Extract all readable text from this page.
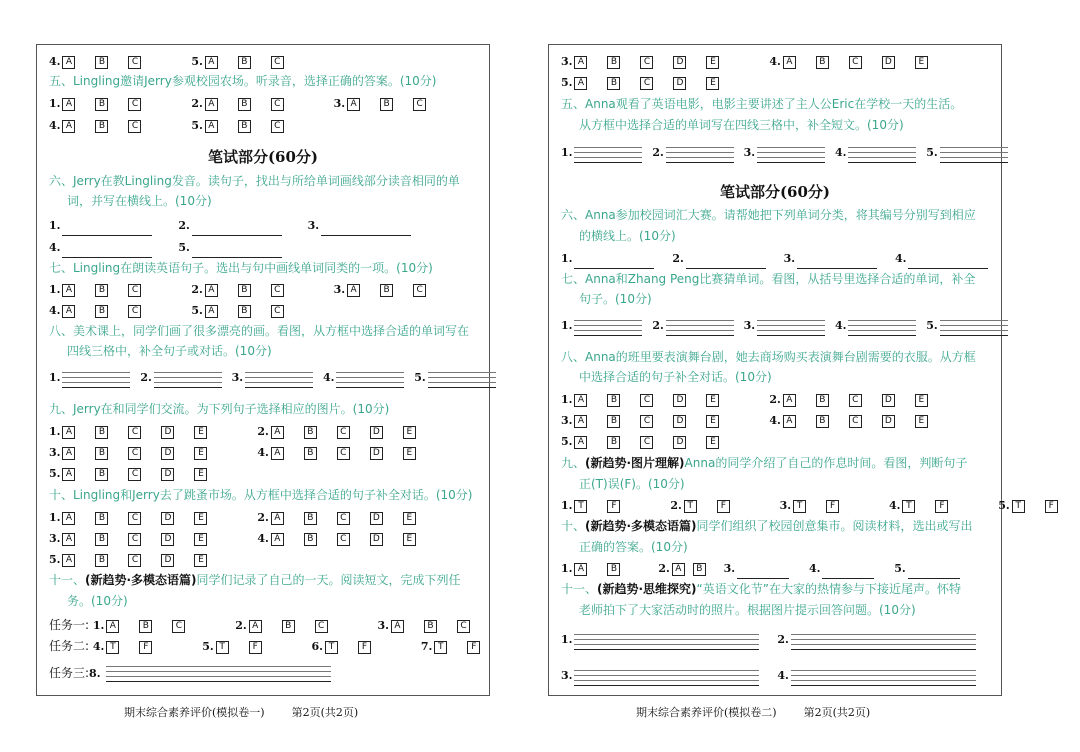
4. A	B	C
	5. A	B	C
五、Lingling邀请Jerry参观校园农场。听录音，选择正确的答案。(10分)
1. A	B	C
	2. A	B	C
	3. A	B	C
4. A	B	C
	5. A	B	C
笔试部分(60分)
六、Jerry在教Lingling发音。读句子，找出与所给单词画线部分读音相同的单
词，并写在横线上。(10分)
1.
	2.
	3.
4.
	5.
七、Lingling在朗读英语句子。选出与句中画线单词同类的一项。(10分)
1. A	B	C
	2. A	B	C
	3. A	B	C
4. A	B	C
	5. A	B	C
八、美术课上，同学们画了很多漂亮的画。看图，从方框中选择合适的单词写在
四线三格中，补全句子或对话。(10分)
1.
	2.
	3.
	4.
	5.
九、Jerry在和同学们交流。为下列句子选择相应的图片。(10分)
1. A	B	C	D	E
	2. A	B	C	D	E
3. A	B	C	D	E
	4. A	B	C	D	E
5. A	B	C	D	E
十、Lingling和Jerry去了跳蚤市场。从方框中选择合适的句子补全对话。(10分)
1. A	B	C	D	E
	2. A	B	C	D	E
3. A	B	C	D	E
	4. A	B	C	D	E
5. A	B	C	D	E
十一、(新趋势·多模态语篇)同学们记录了自己的一天。阅读短文，完成下列任
务。(10分)
任务一: 1. A	B	C
	2. A	B	C
	3. A	B	C
任务二: 4. T	F
	5. T	F
	6. T	F
	7. T	F
任务三:8.
3. A	B	C	D	E
	4. A	B	C	D	E
5. A	B	C	D	E
五、Anna观看了英语电影，电影主要讲述了主人公Eric在学校一天的生活。
从方框中选择合适的单词写在四线三格中，补全短文。(10分)
1.
	2.
	3.
	4.
	5.
笔试部分(60分)
六、Anna参加校园词汇大赛。请帮她把下列单词分类，将其编号分别写到相应
的横线上。(10分)
1.
	2.
	3.
	4.
七、Anna和Zhang Peng比赛猜单词。看图，从括号里选择合适的单词，补全
句子。(10分)
1.
	2.
	3.
	4.
	5.
八、Anna的班里要表演舞台剧，她去商场购买表演舞台剧需要的衣服。从方框
中选择合适的句子补全对话。(10分)
1. A	B	C	D	E
	2. A	B	C	D	E
3. A	B	C	D	E
	4. A	B	C	D	E
5. A	B	C	D	E
九、(新趋势·图片理解)Anna的同学介绍了自己的作息时间。看图，判断句子
正(T)误(F)。(10分)
1. T	F
	2. T	F
	3. T	F
	4. T	F
	5. T	F
十、(新趋势·多模态语篇)同学们组织了校园创意集市。阅读材料，选出或写出
正确的答案。(10分)
1. A	B
	2. A	B
	3.
	4.
	5.
十一、(新趋势·思维探究)“英语文化节”在大家的热情参与下接近尾声。怀特
老师拍下了大家活动时的照片。根据图片提示回答问题。(10分)
1.
	2.
3.
	4.
期末综合素养评价(模拟卷一) 第2页(共2页)	期末综合素养评价(模拟卷二) 第2页(共2页)
